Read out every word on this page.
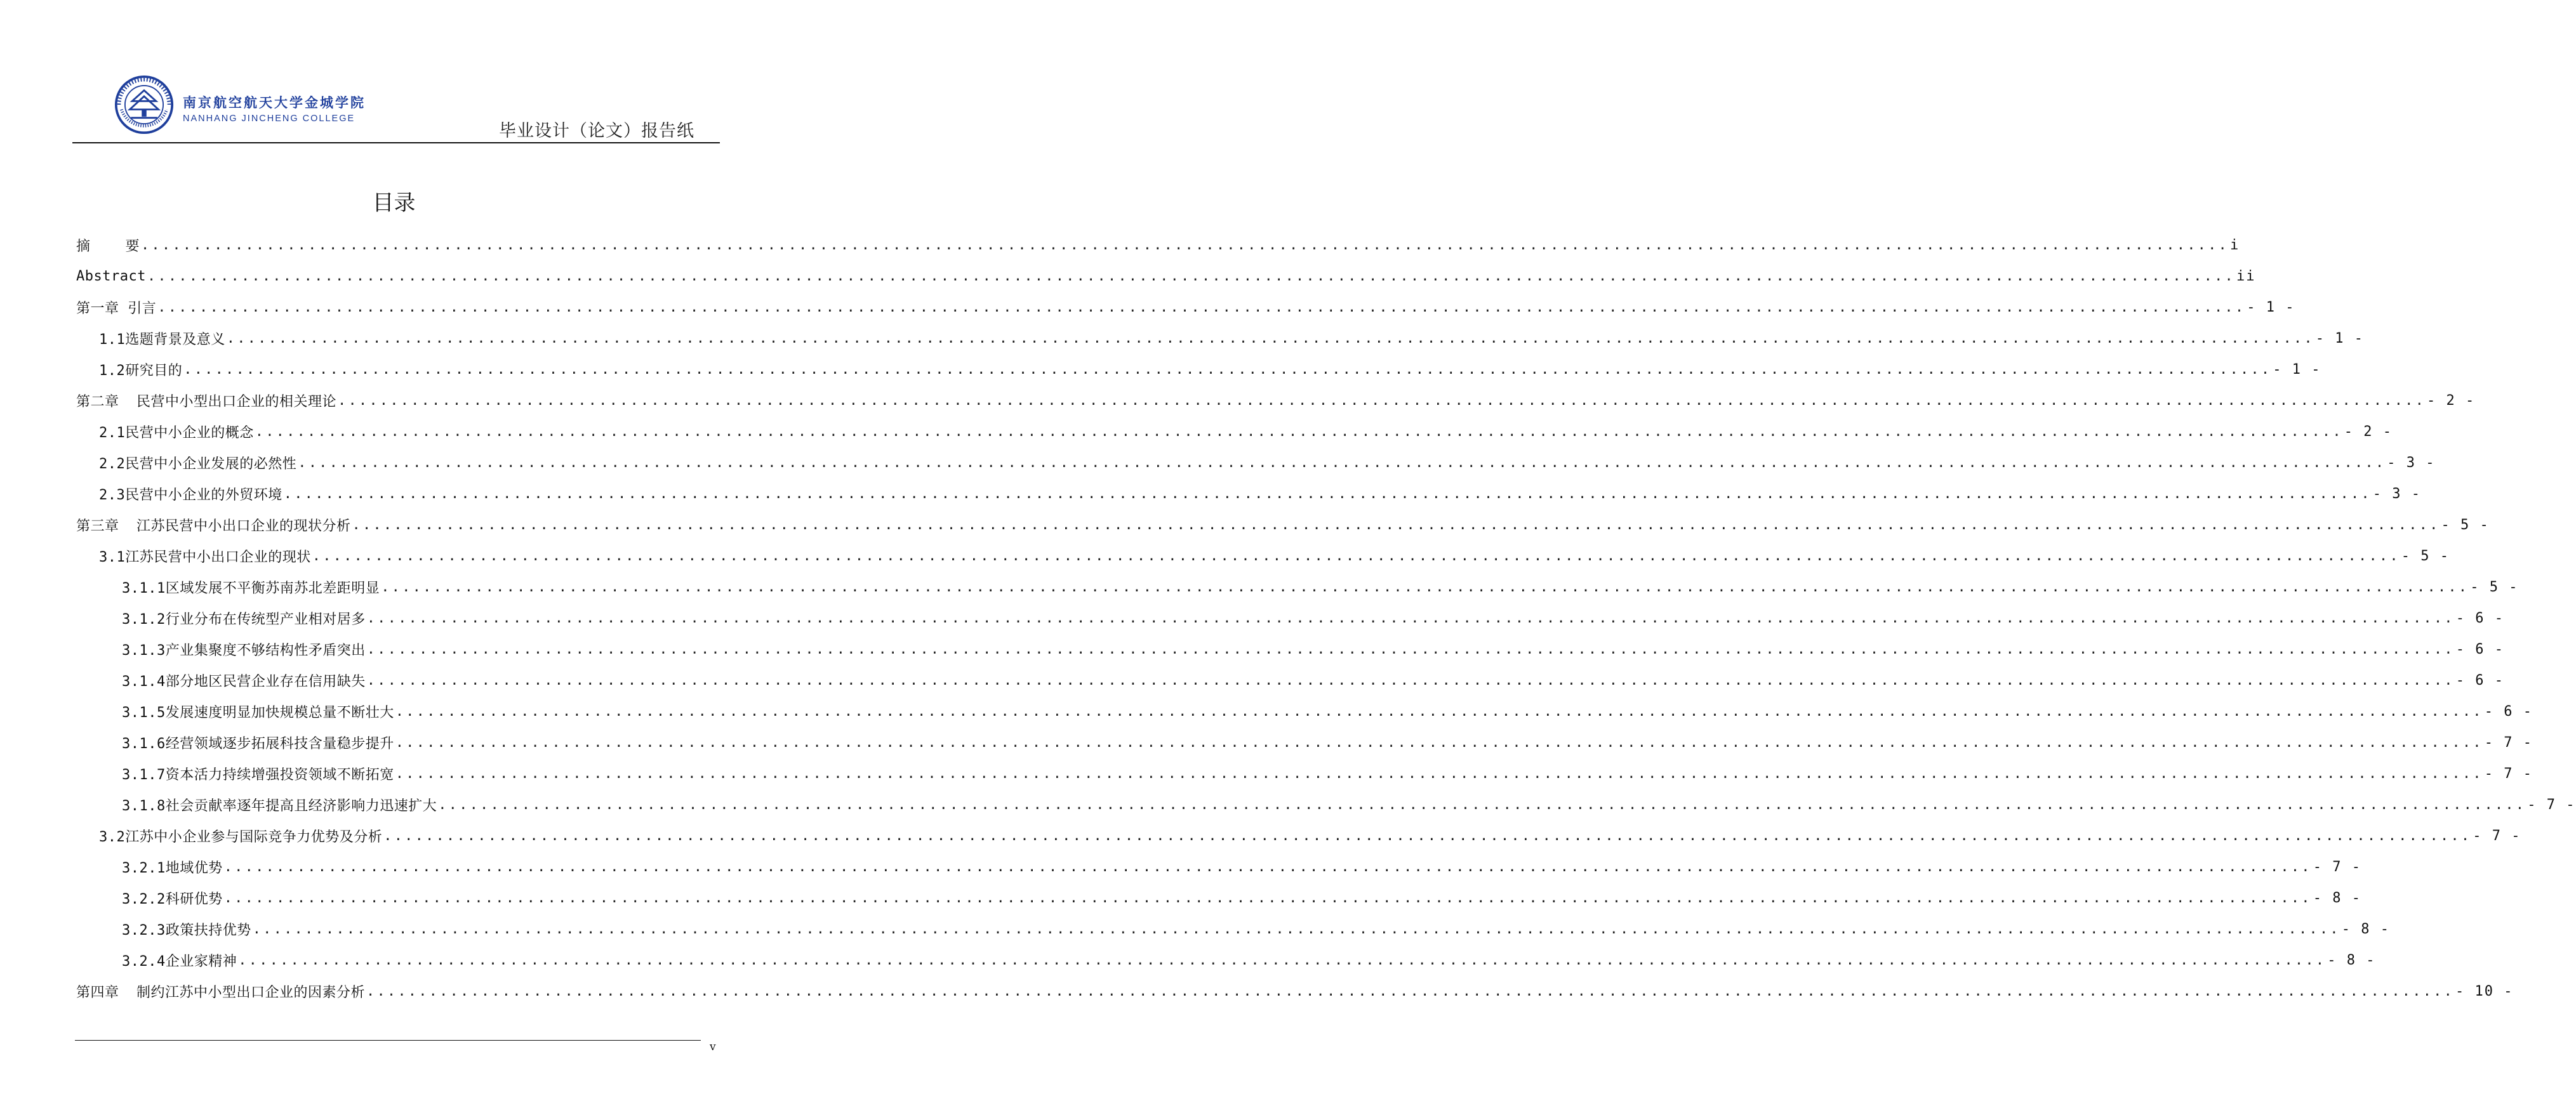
南京航空航天大学金城学院
NANHANG JINCHENG COLLEGE
毕业设计（论文）报告纸
目录
摘    要 ........................................................................................................................................................................................................ i
Abstract ........................................................................................................................................................................................................ ii
第一章 引言 ........................................................................................................................................................................................................ - 1 -
1.1选题背景及意义 ........................................................................................................................................................................................................ - 1 -
1.2研究目的 ........................................................................................................................................................................................................ - 1 -
第二章  民营中小型出口企业的相关理论 ........................................................................................................................................................................................................ - 2 -
2.1民营中小企业的概念 ........................................................................................................................................................................................................ - 2 -
2.2民营中小企业发展的必然性 ........................................................................................................................................................................................................ - 3 -
2.3民营中小企业的外贸环境 ........................................................................................................................................................................................................ - 3 -
第三章  江苏民营中小出口企业的现状分析 ........................................................................................................................................................................................................ - 5 -
3.1江苏民营中小出口企业的现状 ........................................................................................................................................................................................................ - 5 -
3.1.1区域发展不平衡苏南苏北差距明显 ........................................................................................................................................................................................................ - 5 -
3.1.2行业分布在传统型产业相对居多 ........................................................................................................................................................................................................ - 6 -
3.1.3产业集聚度不够结构性矛盾突出 ........................................................................................................................................................................................................ - 6 -
3.1.4部分地区民营企业存在信用缺失 ........................................................................................................................................................................................................ - 6 -
3.1.5发展速度明显加快规模总量不断壮大 ........................................................................................................................................................................................................ - 6 -
3.1.6经营领域逐步拓展科技含量稳步提升 ........................................................................................................................................................................................................ - 7 -
3.1.7资本活力持续增强投资领域不断拓宽 ........................................................................................................................................................................................................ - 7 -
3.1.8社会贡献率逐年提高且经济影响力迅速扩大 ........................................................................................................................................................................................................ - 7 -
3.2江苏中小企业参与国际竞争力优势及分析 ........................................................................................................................................................................................................ - 7 -
3.2.1地域优势 ........................................................................................................................................................................................................ - 7 -
3.2.2科研优势 ........................................................................................................................................................................................................ - 8 -
3.2.3政策扶持优势 ........................................................................................................................................................................................................ - 8 -
3.2.4企业家精神 ........................................................................................................................................................................................................ - 8 -
第四章  制约江苏中小型出口企业的因素分析 ........................................................................................................................................................................................................ - 10 -
v
